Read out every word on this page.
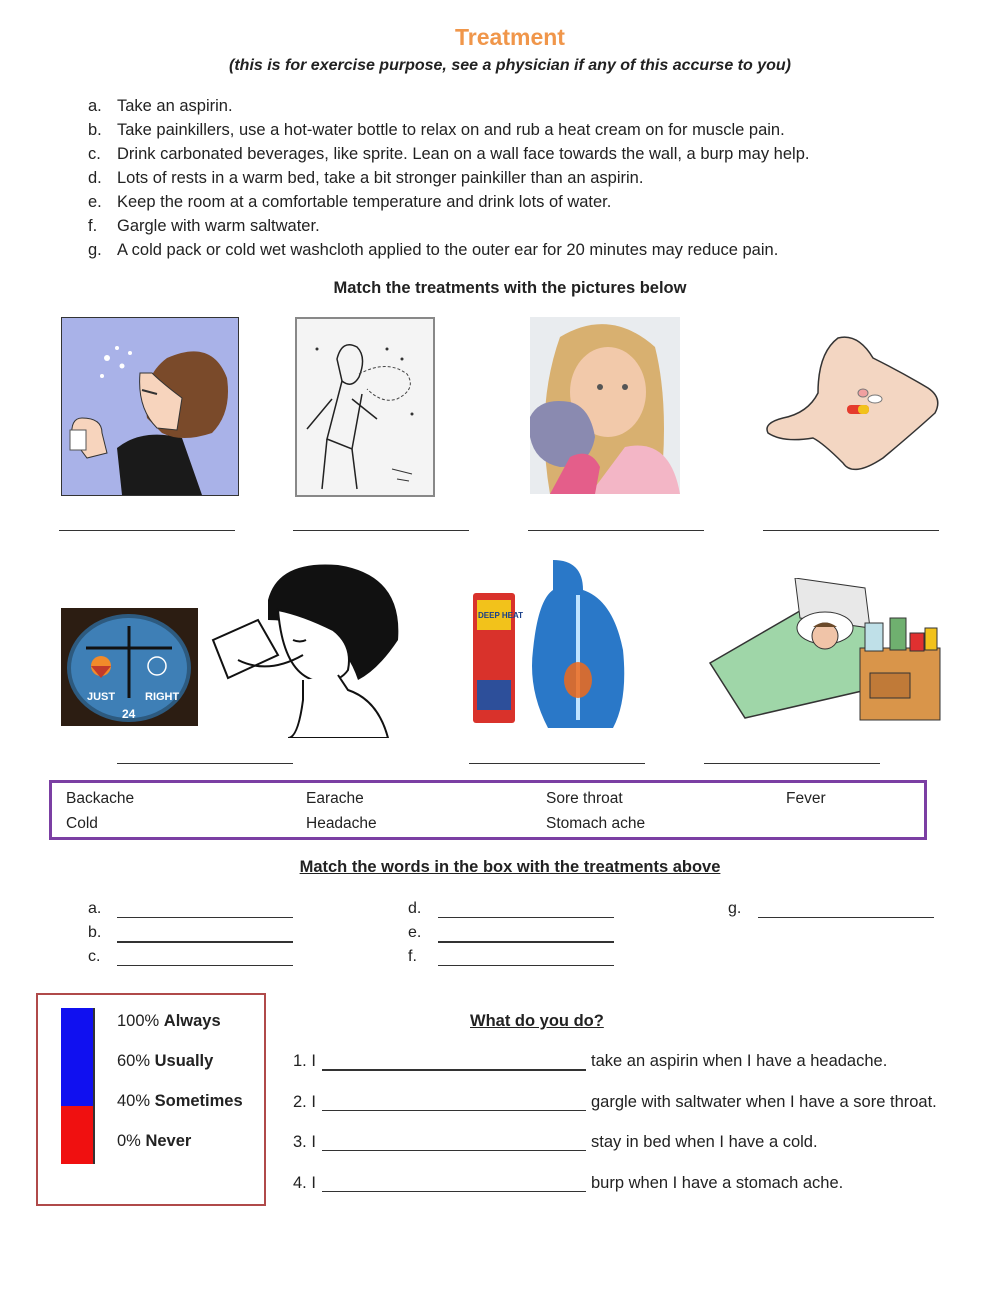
Treatment
(this is for exercise purpose, see a physician if any of this accurse to you)
a. Take an aspirin.
b. Take painkillers, use a hot-water bottle to relax on and rub a heat cream on for muscle pain.
c. Drink carbonated beverages, like sprite. Lean on a wall face towards the wall, a burp may help.
d. Lots of rests in a warm bed, take a bit stronger painkiller than an aspirin.
e. Keep the room at a comfortable temperature and drink lots of water.
f. Gargle with warm saltwater.
g. A cold pack or cold wet washcloth applied to the outer ear for 20 minutes may reduce pain.
Match the treatments with the pictures below
JUST	RIGHT
24
DEEP HEAT
Backache	Earache	Sore throat	Fever
Cold	Headache	Stomach ache
Match the words in the box with the treatments above
a.
b.
c.
d.
e.
f.
g.
100% Always
60% Usually
40% Sometimes
0% Never
What do you do?
1. I	take an aspirin when I have a headache.
2. I	gargle with saltwater when I have a sore throat.
3. I	stay in bed when I have a cold.
4. I	burp when I have a stomach ache.
